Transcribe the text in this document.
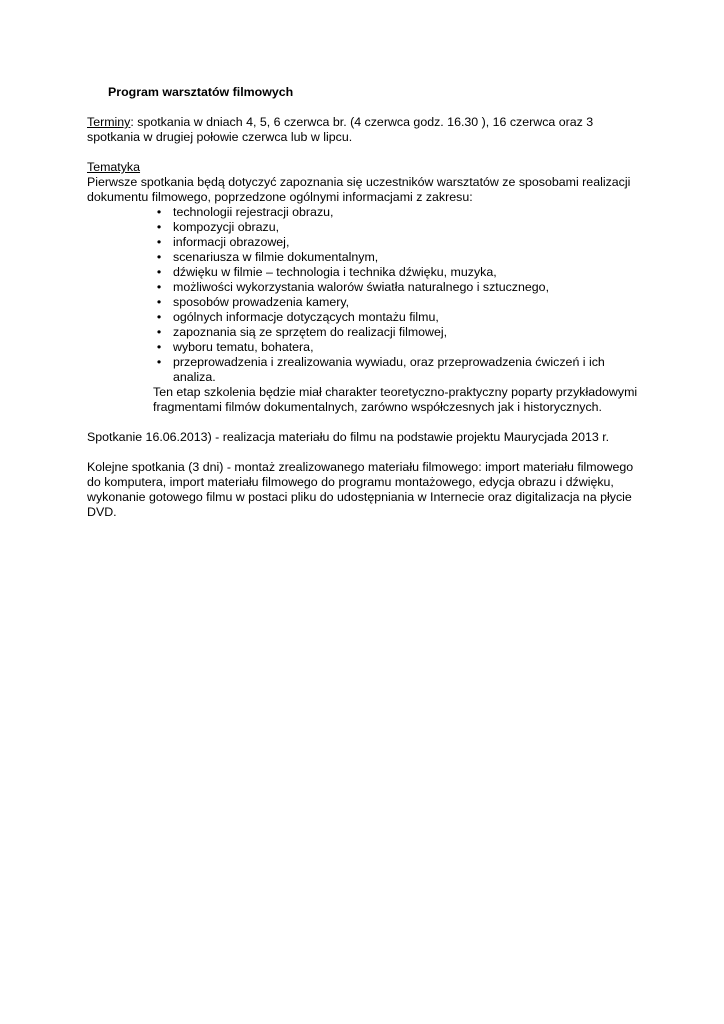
Program warsztatów filmowych

Terminy: spotkania w dniach 4, 5, 6 czerwca br. (4 czerwca godz. 16.30 ), 16 czerwca oraz 3 spotkania w drugiej połowie czerwca lub w lipcu.

Tematyka

Pierwsze spotkania będą dotyczyć zapoznania się uczestników warsztatów ze sposobami realizacji dokumentu filmowego, poprzedzone ogólnymi informacjami z zakresu:

• technologii rejestracji obrazu,
• kompozycji obrazu,
• informacji obrazowej,
• scenariusza w filmie dokumentalnym,
• dźwięku w filmie – technologia i technika dźwięku, muzyka,
• możliwości wykorzystania walorów światła naturalnego i sztucznego,
• sposobów prowadzenia kamery,
• ogólnych informacje dotyczących montażu filmu,
• zapoznania sią ze sprzętem do realizacji filmowej,
• wyboru tematu, bohatera,
• przeprowadzenia i zrealizowania wywiadu, oraz przeprowadzenia ćwiczeń i ich analiza.

Ten etap szkolenia będzie miał charakter teoretyczno-praktyczny poparty przykładowymi fragmentami filmów dokumentalnych, zarówno współczesnych jak i historycznych.

Spotkanie 16.06.2013) - realizacja materiału do filmu na podstawie projektu Maurycjada 2013 r.

Kolejne spotkania (3 dni) - montaż zrealizowanego materiału filmowego: import materiału filmowego do komputera, import materiału filmowego do programu montażowego, edycja obrazu i dźwięku, wykonanie gotowego filmu w postaci pliku do udostępniania w Internecie oraz digitalizacja na płycie DVD.
